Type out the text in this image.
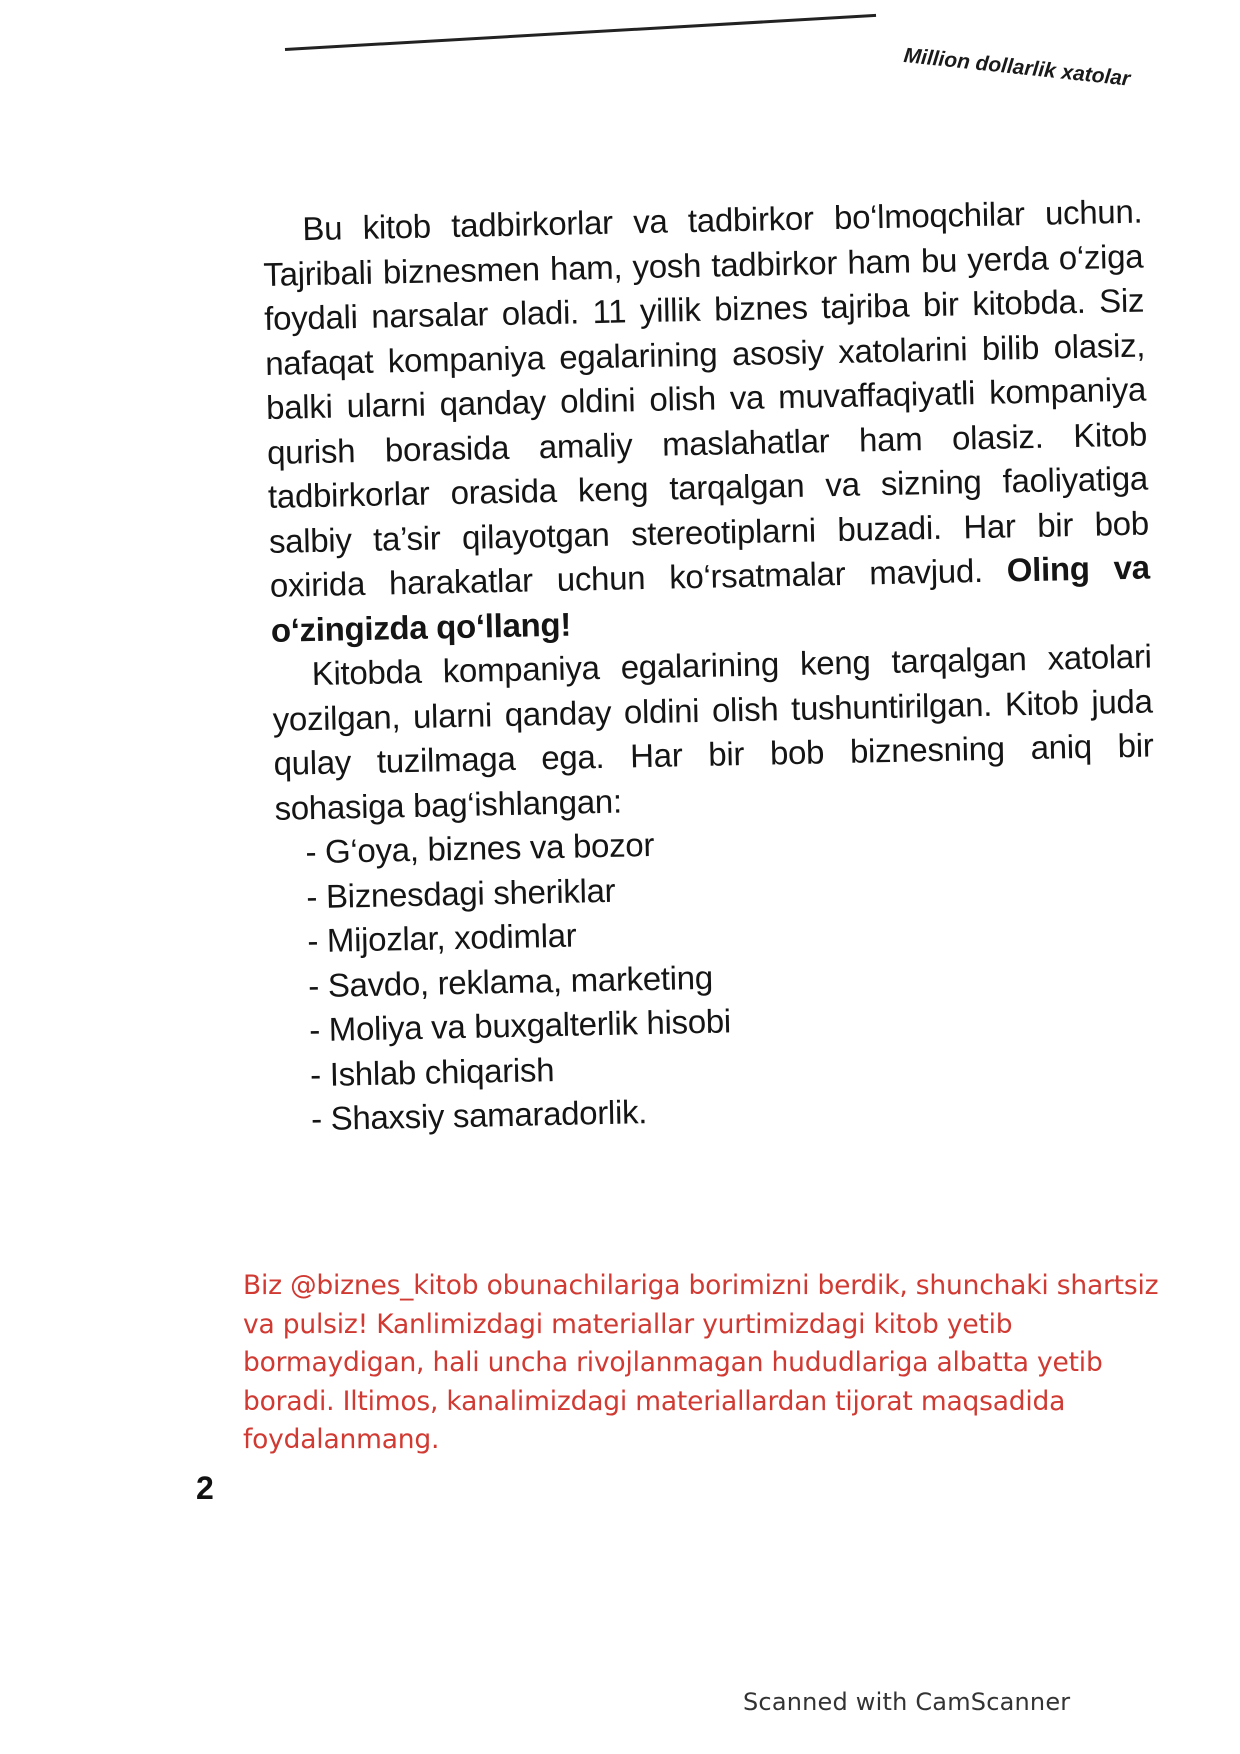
Million dollarlik xatolar

Bu kitob tadbirkorlar va tadbirkor bo‘lmoqchilar uchun. Tajribali biznesmen ham, yosh tadbirkor ham bu yerda o‘ziga foydali narsalar oladi. 11 yillik biznes tajriba bir kitobda. Siz nafaqat kompaniya egalarining asosiy xatolarini bilib olasiz, balki ularni qanday oldini olish va muvaffaqiyatli kompaniya qurish borasida amaliy maslahatlar ham olasiz. Kitob tadbirkorlar orasida keng tarqalgan va sizning faoliyatiga salbiy ta’sir qilayotgan stereotiplarni buzadi. Har bir bob oxirida harakatlar uchun ko‘rsatmalar mavjud. Oling va o‘zingizda qo‘llang!

Kitobda kompaniya egalarining keng tarqalgan xatolari yozilgan, ularni qanday oldini olish tushuntirilgan. Kitob juda qulay tuzilmaga ega. Har bir bob biznesning aniq bir sohasiga bag‘ishlangan:

- G‘oya, biznes va bozor
- Biznesdagi sheriklar
- Mijozlar, xodimlar
- Savdo, reklama, marketing
- Moliya va buxgalterlik hisobi
- Ishlab chiqarish
- Shaxsiy samaradorlik.
Biz @biznes_kitob obunachilariga borimizni berdik, shunchaki shartsiz va pulsiz! Kanlimizdagi materiallar yurtimizdagi kitob yetib bormaydigan, hali uncha rivojlanmagan hududlariga albatta yetib boradi. Iltimos, kanalimizdagi materiallardan tijorat maqsadida foydalanmang.
2
Scanned with CamScanner
